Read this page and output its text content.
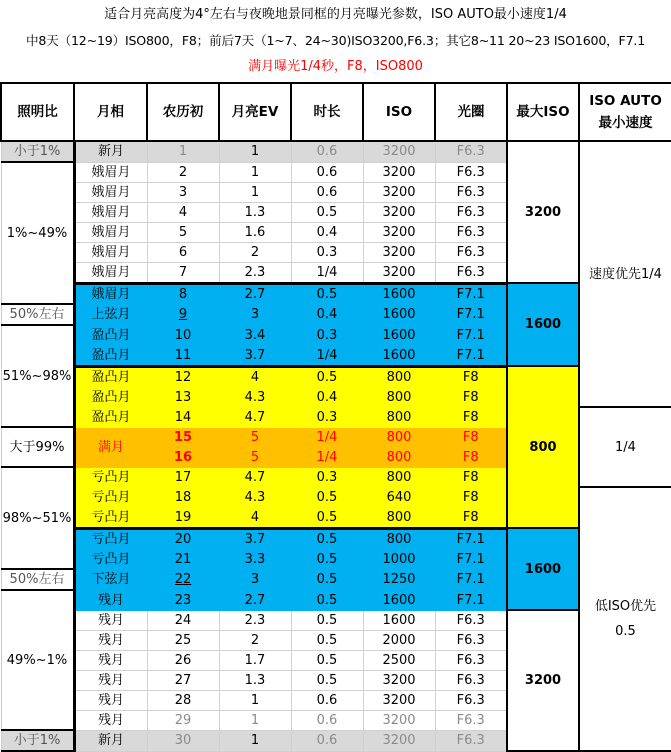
适合月亮高度为4°左右与夜晚地景同框的月亮曝光参数，ISO AUTO最小速度1/4
中8天（12~19）ISO800，F8；前后7天（1~7、24~30)ISO3200,F6.3；其它8~11 20~23 ISO1600，F7.1
满月曝光1/4秒，F8，ISO800
照明比	月相	农历初	月亮EV	时长	ISO	光圈	最大ISO	ISO AUTO
最小速度
小于1%	新月	1	1	0.6	3200	F6.3	3200	速度优先1/4

1%~49%	娥眉月	2	1	0.6	3200	F6.3		
	娥眉月	3	1	0.6	3200	F6.3		
	娥眉月	4	1.3	0.5	3200	F6.3		
	娥眉月	5	1.6	0.4	3200	F6.3		
	娥眉月	6	2	0.3	3200	F6.3		
	娥眉月	7	2.3	1/4	3200	F6.3		
	娥眉月	8	2.7	0.5	1600	F7.1	1600	
50%左右	上弦月	9	3	0.4	1600	F7.1		
51%~98%	盈凸月	10	3.4	0.3	1600	F7.1		
	盈凸月	11	3.7	1/4	1600	F7.1		
	盈凸月	12	4	0.5	800	F8	800	
	盈凸月	13	4.3	0.4	800	F8		
	盈凸月	14	4.7	0.3	800	F8		1/4

大于99%	满月	15	5	1/4	800	F8		
		16	5	1/4	800	F8		
98%~51%	亏凸月	17	4.7	0.3	800	F8		
	亏凸月	18	4.3	0.5	640	F8		低ISO优先
0.5

	亏凸月	19	4	0.5	800	F8		
	亏凸月	20	3.7	0.5	800	F7.1	1600	
	亏凸月	21	3.3	0.5	1000	F7.1		
50%左右	下弦月	22	3	0.5	1250	F7.1		
49%~1%	残月	23	2.7	0.5	1600	F7.1		
	残月	24	2.3	0.5	1600	F6.3	3200	
	残月	25	2	0.5	2000	F6.3		
	残月	26	1.7	0.5	2500	F6.3		
	残月	27	1.3	0.5	3200	F6.3		
	残月	28	1	0.6	3200	F6.3		
	残月	29	1	0.6	3200	F6.3		
小于1%	新月	30	1	0.6	3200	F6.3		
